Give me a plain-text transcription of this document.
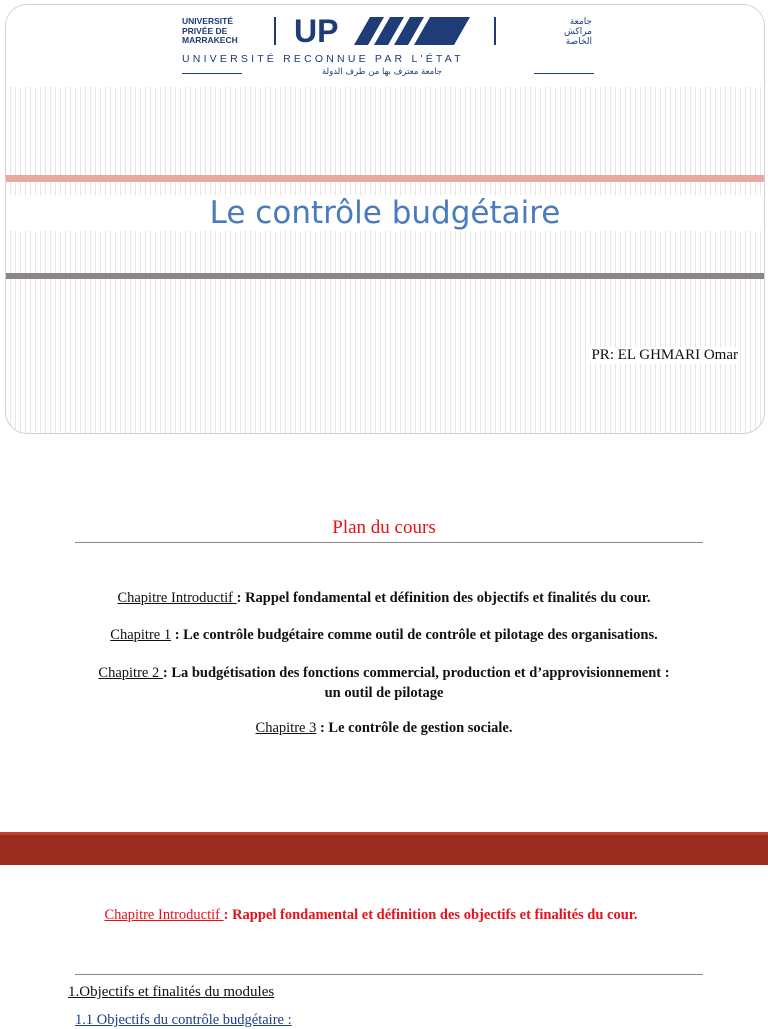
UNIVERSITÉ
PRIVÉE DE
MARRAKECH UP	جامعة
مراكش
الخاصة
UNIVERSITÉ RECONNUE PAR L'ÉTAT
جامعة معترف بها من طرف الدولة
Le contrôle budgétaire
PR: EL GHMARI Omar
Plan du cours
Chapitre Introductif : Rappel fondamental et définition des objectifs et finalités du cour.
Chapitre 1 : Le contrôle budgétaire comme outil de contrôle et pilotage des organisations.
Chapitre 2 : La budgétisation des fonctions commercial, production et d’approvisionnement :
un outil de pilotage
Chapitre 3 : Le contrôle de gestion sociale.
Chapitre Introductif : Rappel fondamental et définition des objectifs et finalités du cour.
1.Objectifs et finalités du modules
1.1 Objectifs du contrôle budgétaire :
